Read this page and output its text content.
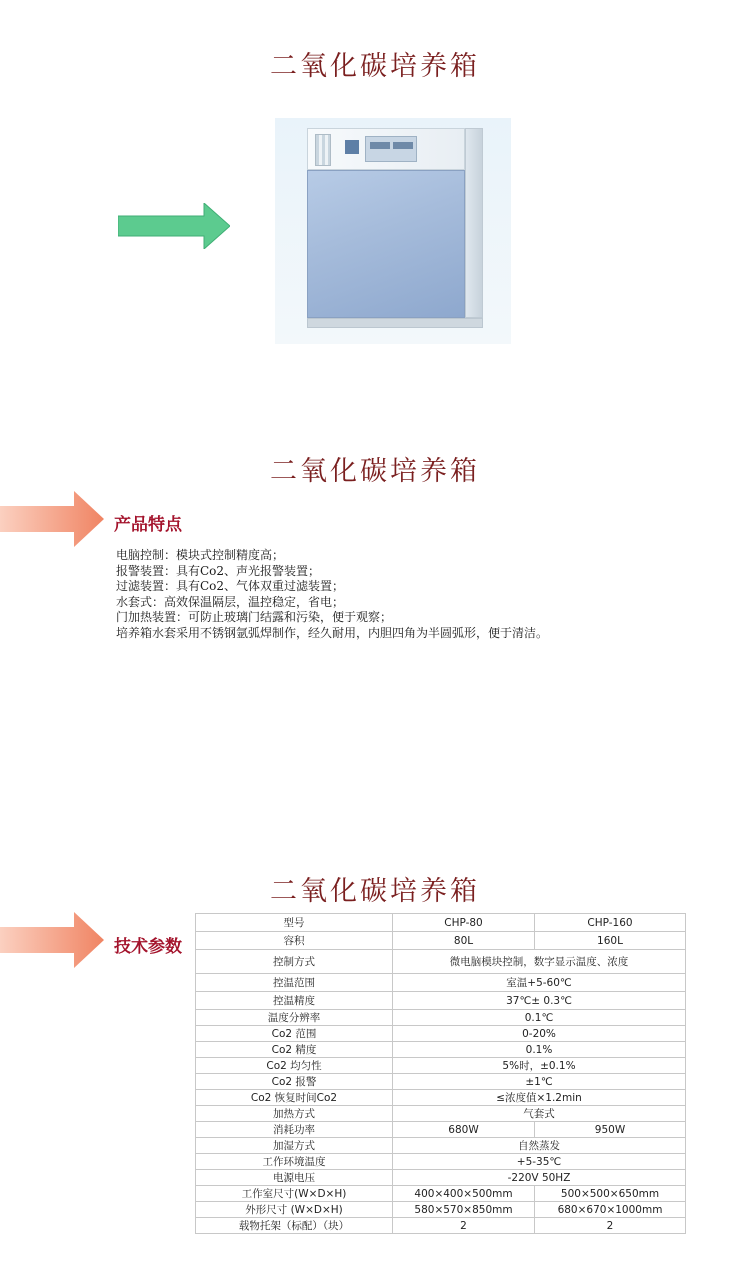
二氧化碳培养箱
二氧化碳培养箱
产品特点
电脑控制：模块式控制精度高；
报警装置：具有Co2、声光报警装置；
过滤装置：具有Co2、气体双重过滤装置；
水套式：高效保温隔层，温控稳定，省电；
门加热装置：可防止玻璃门结露和污染，便于观察；
培养箱水套采用不锈钢氩弧焊制作，经久耐用，内胆四角为半圆弧形，便于清洁。
二氧化碳培养箱
技术参数
型号	CHP-80	CHP-160
容积	80L	160L
控制方式	微电脑模块控制，数字显示温度、浓度	
控温范围	室温+5-60℃	
控温精度	37℃± 0.3℃	
温度分辨率	0.1℃	
Co2 范围	0-20%	
Co2 精度	0.1%	
Co2 均匀性	5%时，±0.1%	
Co2 报警	±1℃	
Co2 恢复时间Co2	≤浓度值×1.2min	
加热方式	气套式	
消耗功率	680W	950W
加湿方式	自然蒸发	
工作环境温度	+5-35℃	
电源电压	-220V 50HZ	
工作室尺寸(W×D×H)	400×400×500mm	500×500×650mm
外形尺寸 (W×D×H)	580×570×850mm	680×670×1000mm
载物托架（标配）（块）	2	2
